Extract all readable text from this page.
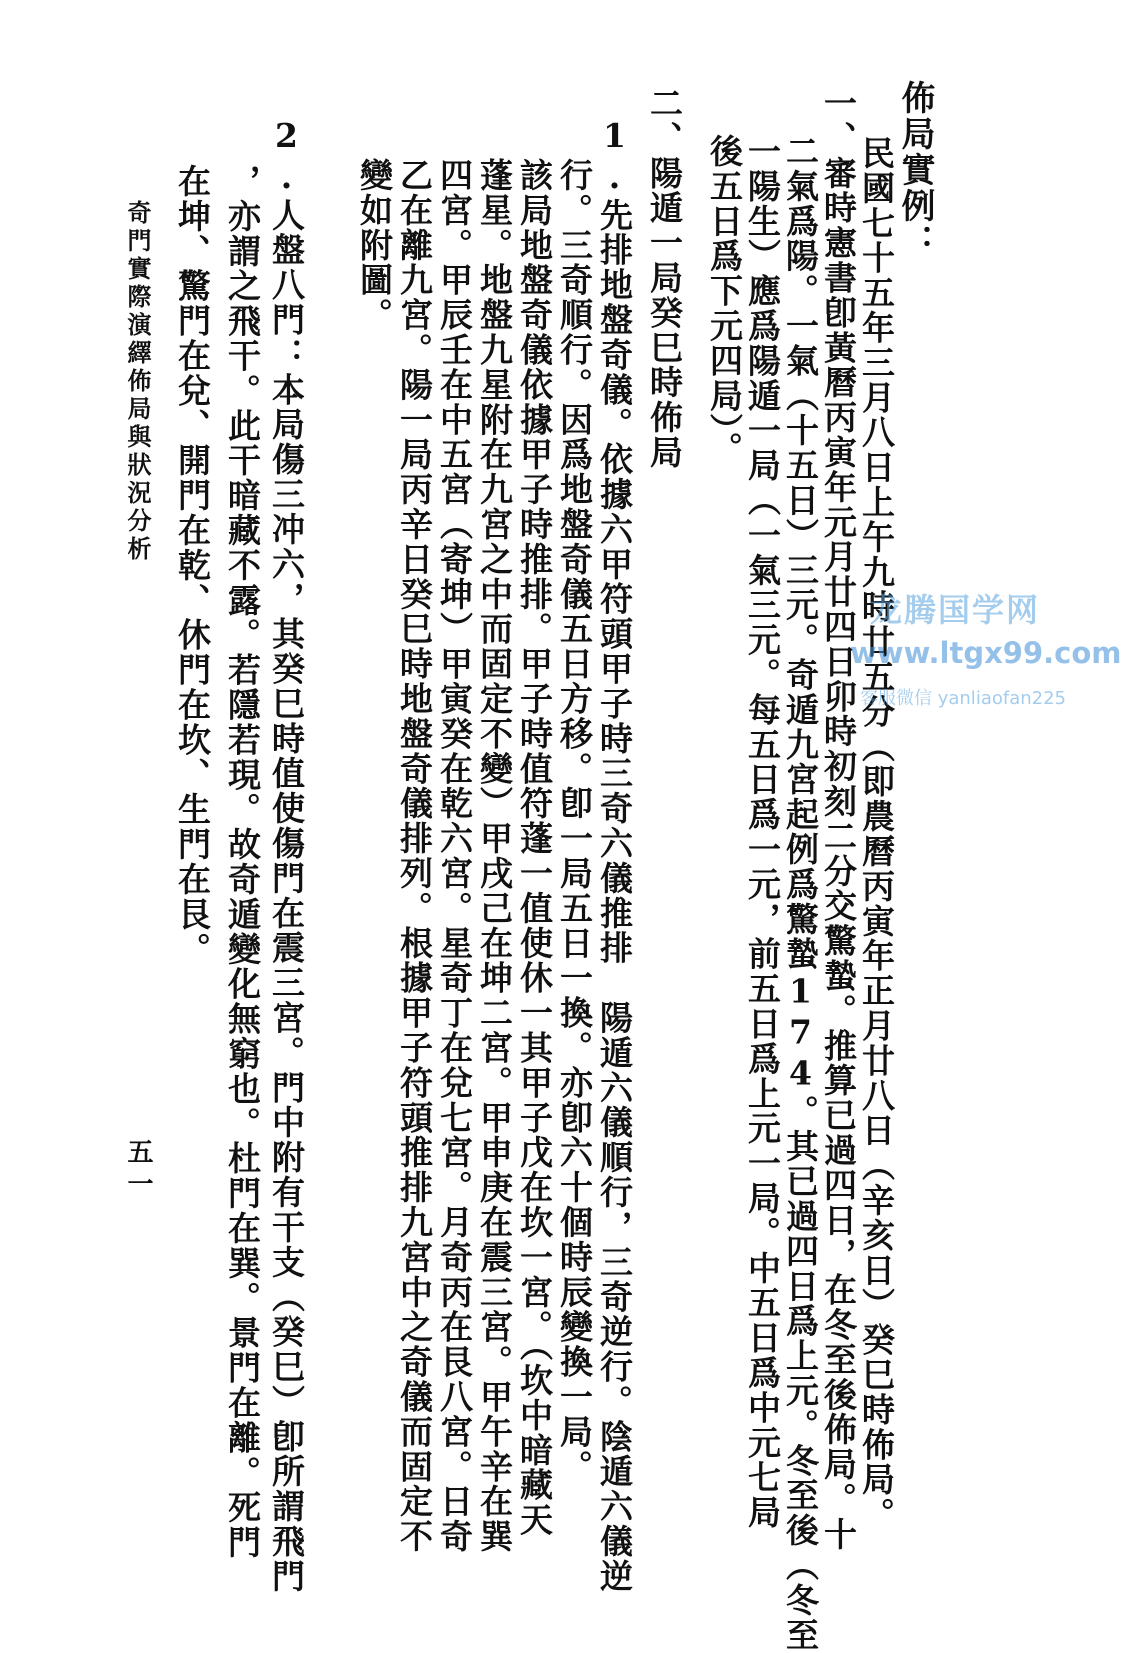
佈局實例：
民國七十五年三月八日上午九時廿五分（即農曆丙寅年正月廿八日（辛亥日）癸巳時佈局。
一、審時憲書卽黃曆丙寅年元月廿四日卯時初刻二分交驚蟄。推算已過四日，在冬至後佈局。十
二氣爲陽。一氣（十五日）三元。奇遁九宮起例爲驚蟄174。其已過四日爲上元。冬至後（冬至
一陽生）應爲陽遁一局（一氣三元。每五日爲一元，前五日爲上元一局。中五日爲中元七局
後五日爲下元四局）。
二、陽遁一局癸巳時佈局
1.先排地盤奇儀。依據六甲符頭甲子時三奇六儀推排　陽遁六儀順行，三奇逆行。陰遁六儀逆
行。三奇順行。因爲地盤奇儀五日方移。卽一局五日一換。亦卽六十個時辰變換一局。
該局地盤奇儀依據甲子時推排。甲子時值符蓬一值使休一其甲子戊在坎一宮。（坎中暗藏天
蓬星。地盤九星附在九宮之中而固定不變）甲戌己在坤二宮。甲申庚在震三宮。甲午辛在巽
四宮。甲辰壬在中五宮（寄坤）甲寅癸在乾六宮。星奇丁在兌七宮。月奇丙在艮八宮。日奇
乙在離九宮。陽一局丙辛日癸巳時地盤奇儀排列。根據甲子符頭推排九宮中之奇儀而固定不
變如附圖。
2.人盤八門：本局傷三冲六，其癸巳時值使傷門在震三宮。門中附有干支（癸巳）卽所謂飛門
，亦謂之飛干。此干暗藏不露。若隱若現。故奇遁變化無窮也。杜門在巽。景門在離。死門
在坤、驚門在兌、開門在乾、休門在坎、生門在艮。
奇門實際演繹佈局與狀況分析
五一
龙腾国学网
www.ltgx99.com
客服微信 yanliaofan225
